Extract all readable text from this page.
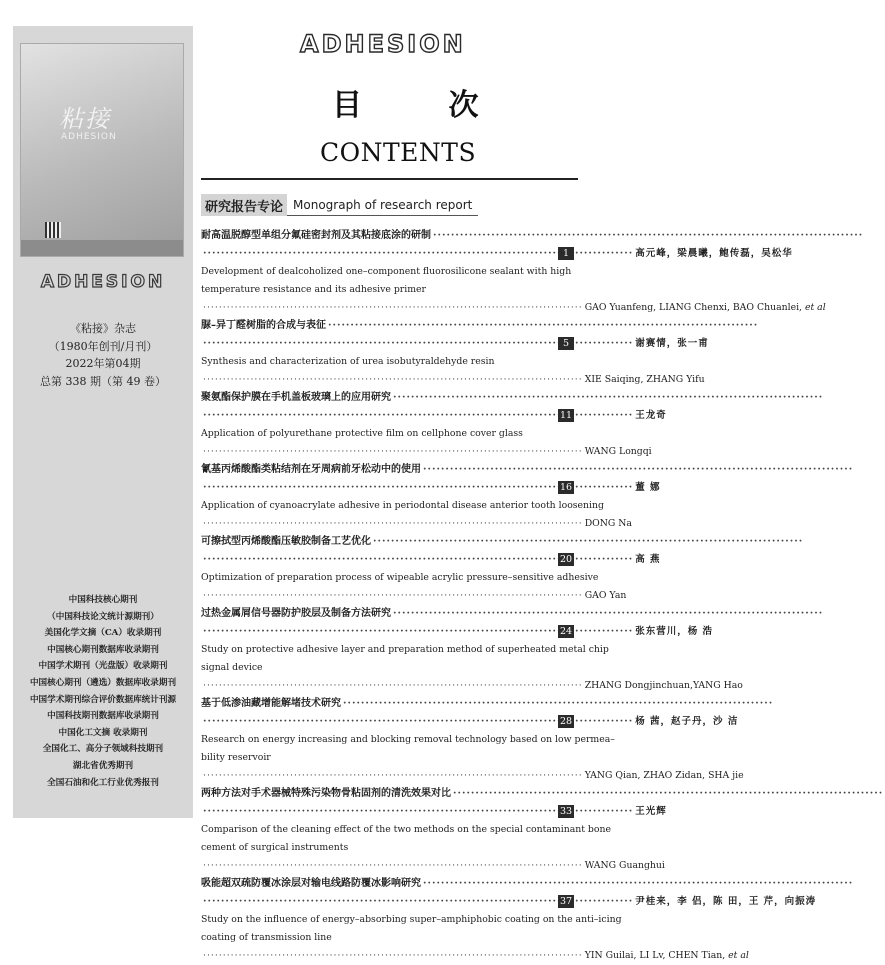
粘接
ADHESION
ADHESION
《粘接》杂志
（1980年创刊/月刊）
2022年第04期
总第 338 期（第 49 卷）
中国科技核心期刊
（中国科技论文统计源期刊）
美国化学文摘（CA）收录期刊
中国核心期刊数据库收录期刊
中国学术期刊（光盘版）收录期刊
中国核心期刊（遴选）数据库收录期刊
中国学术期刊综合评价数据库统计刊源
中国科技期刊数据库收录期刊
中国化工文摘 收录期刊
全国化工、高分子领域科技期刊
湖北省优秀期刊
全国石油和化工行业优秀报刊
ADHESION
目 次
CONTENTS
研究报告专论 Monograph of research report
耐高温脱醇型单组分氟硅密封剂及其粘接底涂的研制
·····
·····
高元峰，梁晨曦，鲍传磊，吴松华
1
Development of dealcoholized one–component fluorosilicone sealant with high
temperature resistance and its adhesive primer
·····
GAO Yuanfeng, LIANG Chenxi, BAO Chuanlei, et al
脲–异丁醛树脂的合成与表征
·····
·····
谢赛情，张一甫
5
Synthesis and characterization of urea isobutyraldehyde resin
·····
XIE Saiqing, ZHANG Yifu
聚氨酯保护膜在手机盖板玻璃上的应用研究
·····
·····
王龙奇
11
Application of polyurethane protective film on cellphone cover glass
·····
WANG Longqi
氰基丙烯酸酯类粘结剂在牙周病前牙松动中的使用
·····
·····
董 娜
16
Application of cyanoacrylate adhesive in periodontal disease anterior tooth loosening
·····
DONG Na
可擦拭型丙烯酸酯压敏胶制备工艺优化
·····
·····
高 燕
20
Optimization of preparation process of wipeable acrylic pressure–sensitive adhesive
·····
GAO Yan
过热金属屑信号器防护胶层及制备方法研究
·····
·····
张东营川，杨 浩
24
Study on protective adhesive layer and preparation method of superheated metal chip
signal device
·····
ZHANG Dongjinchuan,YANG Hao
基于低渗油藏增能解堵技术研究
·····
·····
杨 茜，赵子丹，沙 洁
28
Research on energy increasing and blocking removal technology based on low permea–
bility reservoir
·····
YANG Qian, ZHAO Zidan, SHA jie
两种方法对手术器械特殊污染物骨粘固剂的清洗效果对比
·····
·····
王光辉
33
Comparison of the cleaning effect of the two methods on the special contaminant bone
cement of surgical instruments
·····
WANG Guanghui
吸能超双疏防覆冰涂层对输电线路防覆冰影响研究
·····
·····
尹桂来，李 侣，陈 田，王 芹，向振涛
37
Study on the influence of energy–absorbing super–amphiphobic coating on the anti–icing
coating of transmission line
·····
YIN Guilai, LI Lv, CHEN Tian, et al
